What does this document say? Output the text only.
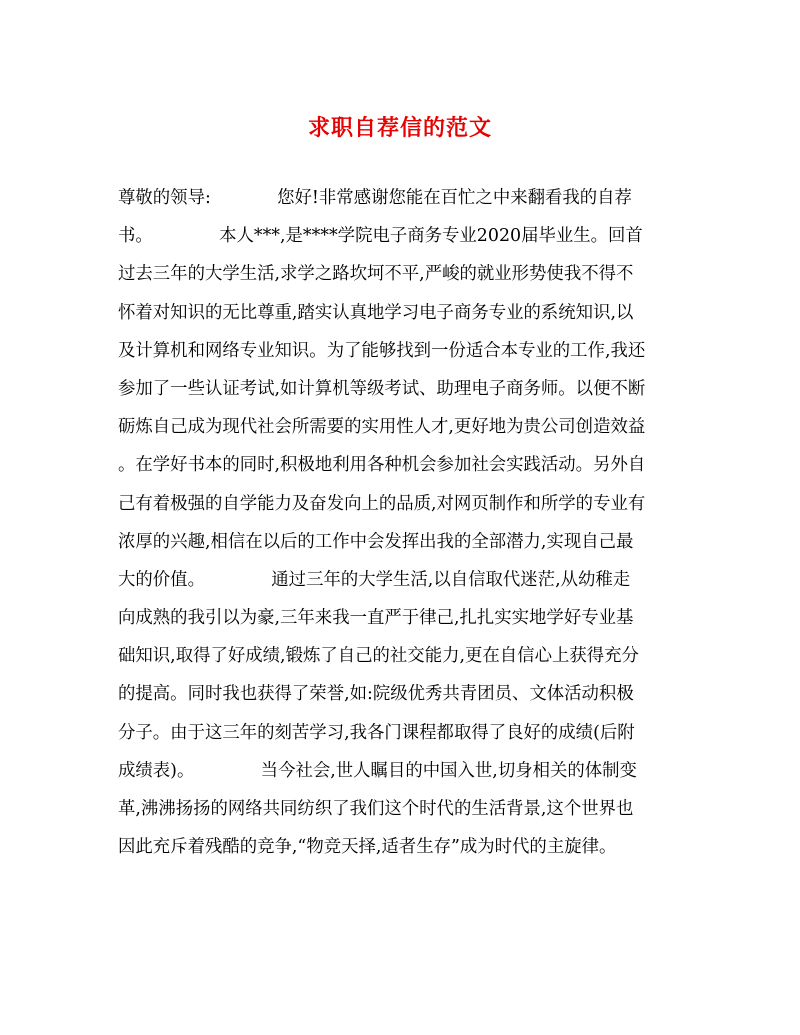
求职自荐信的范文
尊敬的领导:            您好!非常感谢您能在百忙之中来翻看我的自荐
书。            本人***,是****学院电子商务专业2020届毕业生。回首
过去三年的大学生活,求学之路坎坷不平,严峻的就业形势使我不得不
怀着对知识的无比尊重,踏实认真地学习电子商务专业的系统知识,以
及计算机和网络专业知识。为了能够找到一份适合本专业的工作,我还
参加了一些认证考试,如计算机等级考试、助理电子商务师。以便不断
砺炼自己成为现代社会所需要的实用性人才,更好地为贵公司创造效益
。在学好书本的同时,积极地利用各种机会参加社会实践活动。另外自
己有着极强的自学能力及奋发向上的品质,对网页制作和所学的专业有
浓厚的兴趣,相信在以后的工作中会发挥出我的全部潜力,实现自己最
大的价值。            通过三年的大学生活,以自信取代迷茫,从幼稚走
向成熟的我引以为豪,三年来我一直严于律己,扎扎实实地学好专业基
础知识,取得了好成绩,锻炼了自己的社交能力,更在自信心上获得充分
的提高。同时我也获得了荣誉,如:院级优秀共青团员、文体活动积极
分子。由于这三年的刻苦学习,我各门课程都取得了良好的成绩(后附
成绩表)。            当今社会,世人瞩目的中国入世,切身相关的体制变
革,沸沸扬扬的网络共同纺织了我们这个时代的生活背景,这个世界也
因此充斥着残酷的竞争,“物竞天择,适者生存”成为时代的主旋律。
